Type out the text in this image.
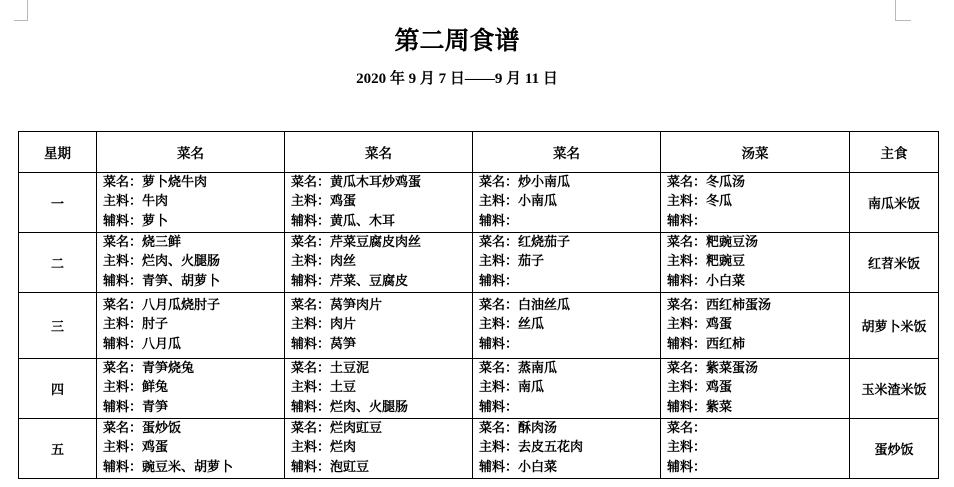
第二周食谱
2020 年 9 月 7 日——9 月 11 日
星期	菜名	菜名	菜名	汤菜	主食
一	菜名：萝卜烧牛肉
主料：牛肉
辅料：萝卜	菜名：黄瓜木耳炒鸡蛋
主料：鸡蛋
辅料：黄瓜、木耳	菜名：炒小南瓜
主料：小南瓜
辅料：	菜名：冬瓜汤
主料：冬瓜
辅料：	南瓜米饭
二	菜名：烧三鲜
主料：烂肉、火腿肠
辅料：青笋、胡萝卜	菜名：芹菜豆腐皮肉丝
主料：肉丝
辅料：芹菜、豆腐皮	菜名：红烧茄子
主料：茄子
辅料：	菜名：粑豌豆汤
主料：粑豌豆
辅料：小白菜	红苕米饭
三	菜名：八月瓜烧肘子
主料：肘子
辅料：八月瓜	菜名：莴笋肉片
主料：肉片
辅料：莴笋	菜名：白油丝瓜
主料：丝瓜
辅料：	菜名：西红柿蛋汤
主料：鸡蛋
辅料：西红柿	胡萝卜米饭
四	菜名：青笋烧兔
主料：鲜兔
辅料：青笋	菜名：土豆泥
主料：土豆
辅料：烂肉、火腿肠	菜名：蒸南瓜
主料：南瓜
辅料：	菜名：紫菜蛋汤
主料：鸡蛋
辅料：紫菜	玉米渣米饭
五	菜名：蛋炒饭
主料：鸡蛋
辅料：豌豆米、胡萝卜	菜名：烂肉豇豆
主料：烂肉
辅料：泡豇豆	菜名：酥肉汤
主料：去皮五花肉
辅料：小白菜	菜名：
主料：
辅料：	蛋炒饭
